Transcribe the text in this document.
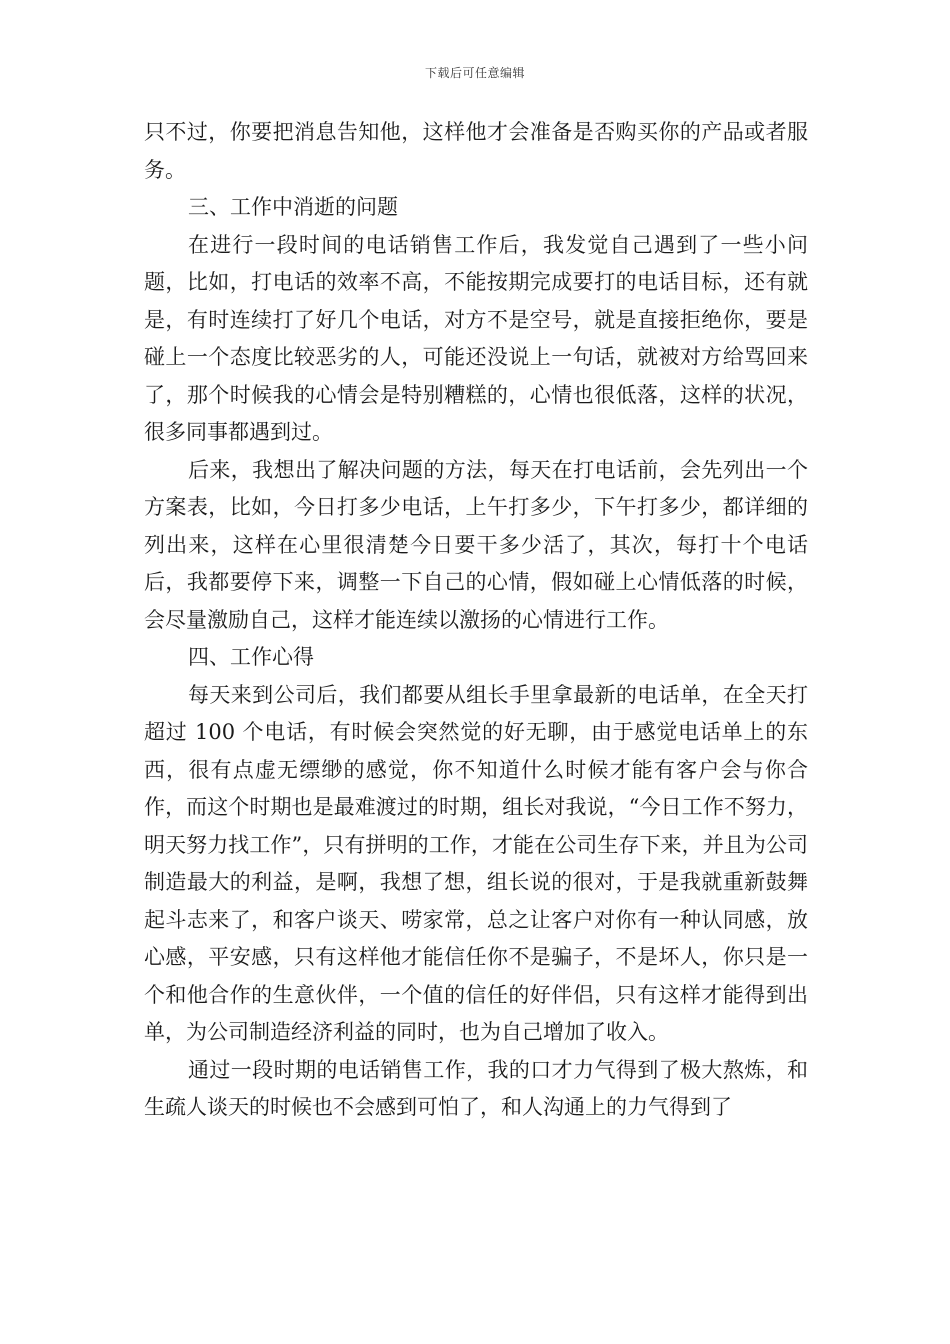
下载后可任意编辑

只不过，你要把消息告知他，这样他才会准备是否购买你的产品或者服务。

三、工作中消逝的问题

在进行一段时间的电话销售工作后，我发觉自己遇到了一些小问题，比如，打电话的效率不高，不能按期完成要打的电话目标，还有就是，有时连续打了好几个电话，对方不是空号，就是直接拒绝你，要是碰上一个态度比较恶劣的人，可能还没说上一句话，就被对方给骂回来了，那个时候我的心情会是特别糟糕的，心情也很低落，这样的状况，很多同事都遇到过。

后来，我想出了解决问题的方法，每天在打电话前，会先列出一个方案表，比如，今日打多少电话，上午打多少，下午打多少，都详细的列出来，这样在心里很清楚今日要干多少活了，其次，每打十个电话后，我都要停下来，调整一下自己的心情，假如碰上心情低落的时候，会尽量激励自己，这样才能连续以激扬的心情进行工作。

四、工作心得

每天来到公司后，我们都要从组长手里拿最新的电话单，在全天打超过 100 个电话，有时候会突然觉的好无聊，由于感觉电话单上的东西，很有点虚无缥缈的感觉，你不知道什么时候才能有客户会与你合作，而这个时期也是最难渡过的时期，组长对我说，“今日工作不努力，明天努力找工作”，只有拼明的工作，才能在公司生存下来，并且为公司制造最大的利益，是啊，我想了想，组长说的很对，于是我就重新鼓舞起斗志来了，和客户谈天、唠家常，总之让客户对你有一种认同感，放心感，平安感，只有这样他才能信任你不是骗子，不是坏人，你只是一个和他合作的生意伙伴，一个值的信任的好伴侣，只有这样才能得到出单，为公司制造经济利益的同时，也为自己增加了收入。

通过一段时期的电话销售工作，我的口才力气得到了极大熬炼，和生疏人谈天的时候也不会感到可怕了，和人沟通上的力气得到了
